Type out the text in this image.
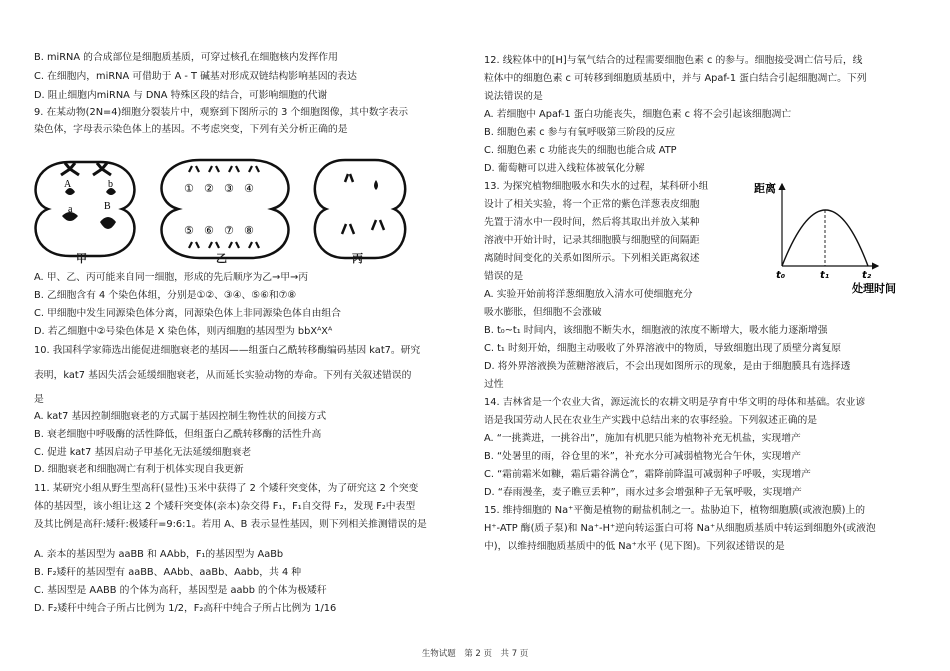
B. miRNA 的合成部位是细胞质基质，可穿过核孔在细胞核内发挥作用
C. 在细胞内，miRNA 可借助于 A - T 碱基对形成双链结构影响基因的表达
D. 阻止细胞内miRNA 与 DNA 特殊区段的结合，可影响细胞的代谢
9. 在某动物(2N=4)细胞分裂装片中，观察到下图所示的 3 个细胞图像，其中数字表示
染色体，字母表示染色体上的基因。不考虑突变，下列有关分析正确的是
A	b
a	B
① ② ③ ④
⑤ ⑥ ⑦ ⑧
甲	乙	丙
A. 甲、乙、丙可能来自同一细胞，形成的先后顺序为乙→甲→丙
B. 乙细胞含有 4 个染色体组，分别是①②、③④、⑤⑥和⑦⑧
C. 甲细胞中发生同源染色体分离，同源染色体上非同源染色体自由组合
D. 若乙细胞中②号染色体是 X 染色体，则丙细胞的基因型为 bbXᴬXᴬ
10. 我国科学家筛选出能促进细胞衰老的基因——组蛋白乙酰转移酶编码基因 kat7。研究
表明，kat7 基因失活会延缓细胞衰老，从而延长实验动物的寿命。下列有关叙述错误的
是
A. kat7 基因控制细胞衰老的方式属于基因控制生物性状的间接方式
B. 衰老细胞中呼吸酶的活性降低，但组蛋白乙酰转移酶的活性升高
C. 促进 kat7 基因启动子甲基化无法延缓细胞衰老
D. 细胞衰老和细胞凋亡有利于机体实现自我更新
11. 某研究小组从野生型高秆(显性)玉米中获得了 2 个矮秆突变体，为了研究这 2 个突变
体的基因型，该小组让这 2 个矮秆突变体(亲本)杂交得 F₁，F₁自交得 F₂，发现 F₂中表型
及其比例是高秆:矮秆:极矮秆=9:6:1。若用 A、B 表示显性基因，则下列相关推测错误的是
A. 亲本的基因型为 aaBB 和 AAbb，F₁的基因型为 AaBb
B. F₂矮秆的基因型有 aaBB、AAbb、aaBb、Aabb，共 4 种
C. 基因型是 AABB 的个体为高秆，基因型是 aabb 的个体为极矮秆
D. F₂矮秆中纯合子所占比例为 1/2，F₂高秆中纯合子所占比例为 1/16
12. 线粒体中的[H]与氧气结合的过程需要细胞色素 c 的参与。细胞接受凋亡信号后，线
粒体中的细胞色素 c 可转移到细胞质基质中，并与 Apaf-1 蛋白结合引起细胞凋亡。下列
说法错误的是
A. 若细胞中 Apaf-1 蛋白功能丧失，细胞色素 c 将不会引起该细胞凋亡
B. 细胞色素 c 参与有氧呼吸第三阶段的反应
C. 细胞色素 c 功能丧失的细胞也能合成 ATP
D. 葡萄糖可以进入线粒体被氧化分解
13. 为探究植物细胞吸水和失水的过程，某科研小组
设计了相关实验，将一个正常的紫色洋葱表皮细胞
先置于清水中一段时间，然后将其取出并放入某种
溶液中开始计时，记录其细胞膜与细胞壁的间隔距
离随时间变化的关系如图所示。下列相关距离叙述
错误的是
A. 实验开始前将洋葱细胞放入清水可使细胞充分
吸水膨胀，但细胞不会涨破
B. t₀~t₁ 时间内，该细胞不断失水，细胞液的浓度不断增大，吸水能力逐渐增强
C. t₁ 时刻开始，细胞主动吸收了外界溶液中的物质，导致细胞出现了质壁分离复原
D. 将外界溶液换为蔗糖溶液后，不会出现如图所示的现象，是由于细胞膜具有选择透
过性
14. 吉林省是一个农业大省，源远流长的农耕文明是孕育中华文明的母体和基础。农业谚
语是我国劳动人民在农业生产实践中总结出来的农事经验。下列叙述正确的是
A. “一挑粪进，一挑谷出”，施加有机肥只能为植物补充无机盐，实现增产
B. “处暑里的雨，谷仓里的米”，补充水分可减弱植物光合午休，实现增产
C. “霜前霜米如糠，霜后霜谷满仓”，霜降前降温可减弱种子呼吸，实现增产
D. “春雨漫垄，麦子瞧豆丢种”，雨水过多会增强种子无氧呼吸，实现增产
15. 维持细胞的 Na⁺平衡是植物的耐盐机制之一。盐胁迫下，植物细胞膜(或液泡膜)上的
H⁺-ATP 酶(质子泵)和 Na⁺-H⁺逆向转运蛋白可将 Na⁺从细胞质基质中转运到细胞外(或液泡
中)，以维持细胞质基质中的低 Na⁺水平 (见下图)。下列叙述错误的是
距离
t₀	t₁	t₂
处理时间
生物试题　第 2 页　共 7 页
